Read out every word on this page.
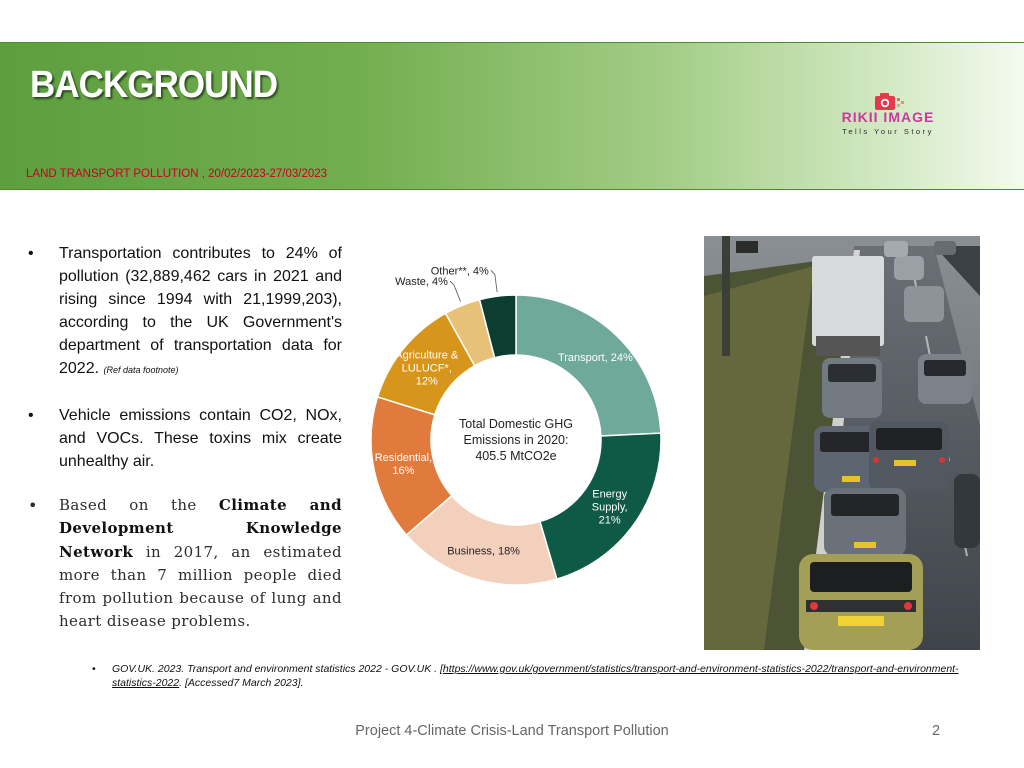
BACKGROUND
LAND TRANSPORT POLLUTION , 20/02/2023-27/03/2023
RIKII IMAGE
Tells Your Story
• Transportation contributes to 24% of pollution (32,889,462 cars in 2021 and rising since 1994 with 21,1999,203), according to the UK Government's department of transportation data for 2022. (Ref data footnote)
• Vehicle emissions contain CO2, NOx, and VOCs. These toxins mix create unhealthy air.
• Based on the Climate and Development Knowledge Network in 2017, an estimated more than 7 million people died from pollution because of lung and heart disease problems.
Transport, 24%
Energy Supply, 21%
Business, 18%
Residential, 16%
Agriculture & LULUCF*, 12%
Waste, 4%
Other**, 4%
Total Domestic GHG Emissions in 2020: 405.5 MtCO2e
•	GOV.UK. 2023. Transport and environment statistics 2022 - GOV.UK . [https://www.gov.uk/government/statistics/transport-and-environment-statistics-2022/transport-and-environment-statistics-2022. [Accessed7 March 2023].
Project 4-Climate Crisis-Land Transport Pollution	2
